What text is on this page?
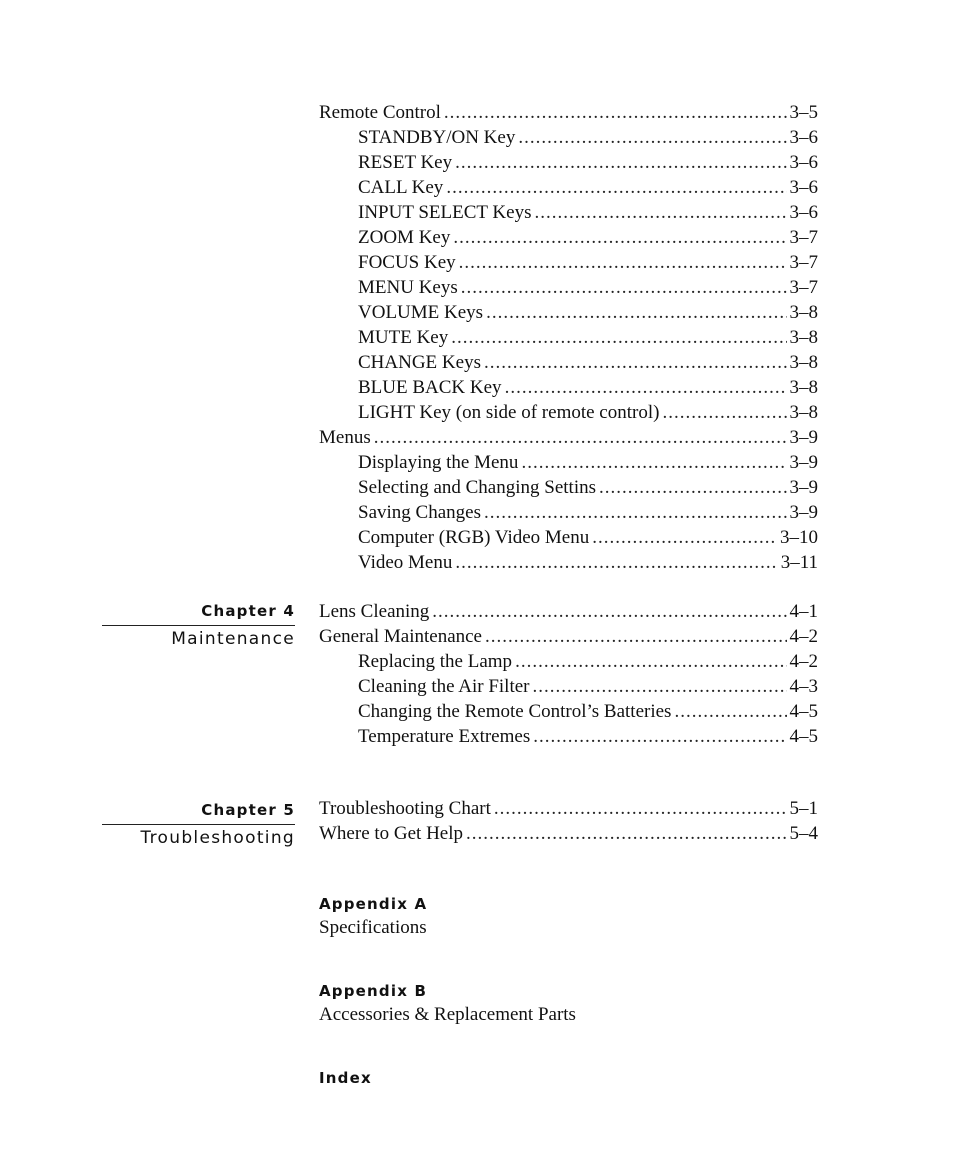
Remote Control .....	3–5
STANDBY/ON Key .....	3–6
RESET Key .....	3–6
CALL Key .....	3–6
INPUT SELECT Keys .....	3–6
ZOOM Key .....	3–7
FOCUS Key .....	3–7
MENU Keys .....	3–7
VOLUME Keys .....	3–8
MUTE Key .....	3–8
CHANGE Keys .....	3–8
BLUE BACK Key .....	3–8
LIGHT Key (on side of remote control) .....	3–8
Menus .....	3–9
Displaying the Menu .....	3–9
Selecting and Changing Settins .....	3–9
Saving Changes .....	3–9
Computer (RGB) Video Menu .....	3–10
Video Menu .....	3–11
Chapter 4
Maintenance
Lens Cleaning .....	4–1
General Maintenance .....	4–2
Replacing the Lamp .....	4–2
Cleaning the Air Filter .....	4–3
Changing the Remote Control’s Batteries .....	4–5
Temperature Extremes .....	4–5
Chapter 5
Troubleshooting
Troubleshooting Chart .....	5–1
Where to Get Help .....	5–4
Appendix A
Specifications
Appendix B
Accessories & Replacement Parts
Index
